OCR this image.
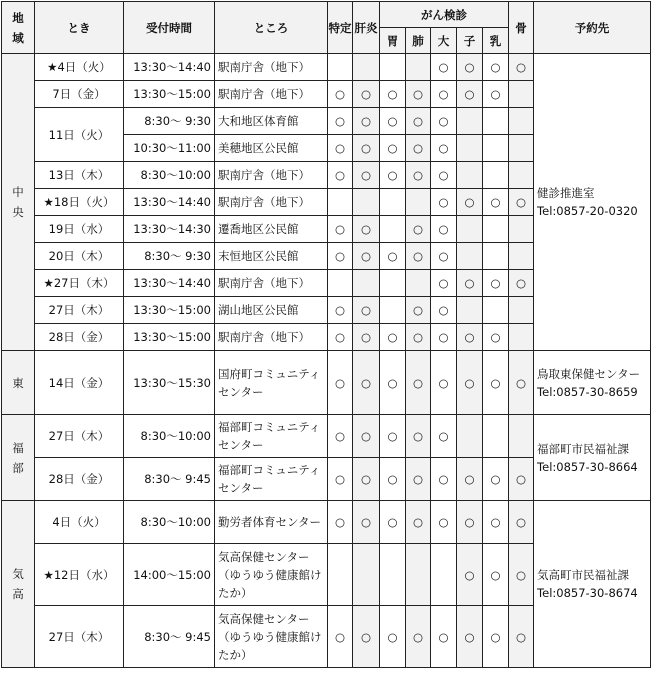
地域	とき	受付時間	ところ	特定	肝炎	がん検診					骨	予約先
						胃	肺	大	子	乳		
中央	★4日（火）	13:30～14:40	駅南庁舎（地下）					○	○	○	○	健診推進室
Tel:0857-20-0320

	7日（金）	13:30～15:00	駅南庁舎（地下）	○	○	○	○	○	○	○		
	11日（火）	8:30～ 9:30	大和地区体育館	○	○	○	○	○				
		10:30～11:00	美穂地区公民館	○	○	○	○	○				
	13日（木）	8:30～10:00	駅南庁舎（地下）	○	○	○	○	○				
	★18日（火）	13:30～14:40	駅南庁舎（地下）					○	○	○	○	
	19日（水）	13:30～14:30	遷喬地区公民館	○	○		○	○				
	20日（木）	8:30～ 9:30	末恒地区公民館	○	○	○	○	○				
	★27日（木）	13:30～14:40	駅南庁舎（地下）					○	○	○	○	
	27日（木）	13:30～15:00	湖山地区公民館	○	○		○	○				
	28日（金）	13:30～15:00	駅南庁舎（地下）	○	○	○	○	○	○	○		
東	14日（金）	13:30～15:30	国府町コミュニティセンター	○	○	○	○	○	○	○	○	鳥取東保健センター
Tel:0857-30-8659

福部	27日（木）	8:30～10:00	福部町コミュニティセンター	○	○	○	○	○				福部町市民福祉課
Tel:0857-30-8664

	28日（金）	8:30～ 9:45	福部町コミュニティセンター	○	○	○	○	○	○	○	○	
気高	4日（火）	8:30～10:00	勤労者体育センター	○	○	○	○	○	○	○	○	気高町市民福祉課
Tel:0857-30-8674

	★12日（水）	14:00～15:00	気高保健センター（ゆうゆう健康館けたか）						○	○	○	
	27日（木）	8:30～ 9:45	気高保健センター（ゆうゆう健康館けたか）	○	○	○	○	○	○	○	○	
